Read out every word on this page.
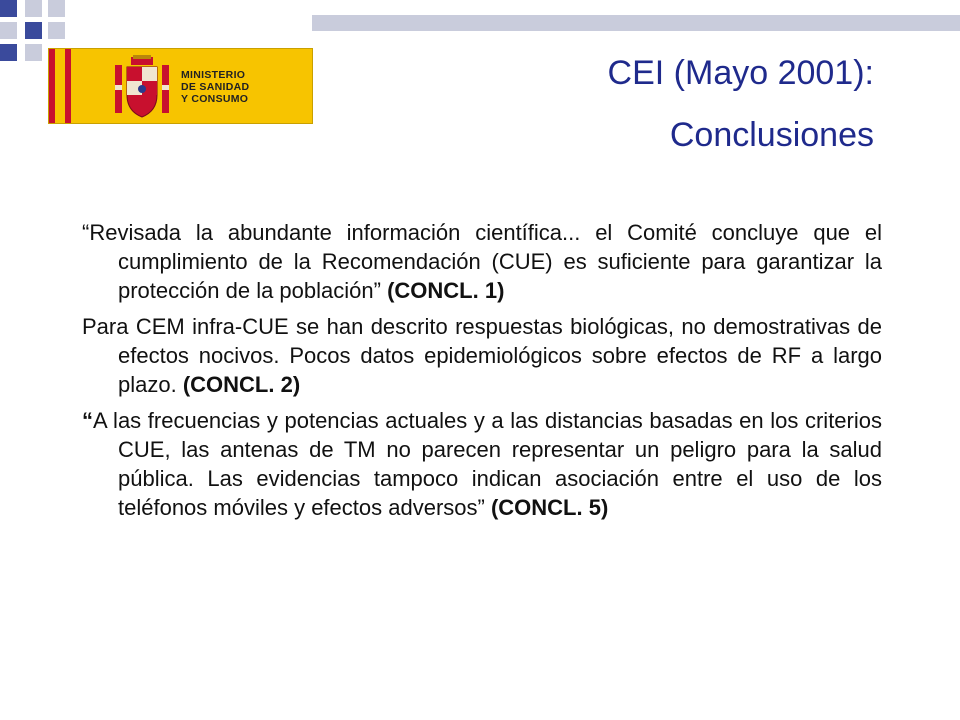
MINISTERIO
DE SANIDAD
Y CONSUMO
CEI (Mayo 2001):
Conclusiones

“Revisada la abundante información científica... el Comité concluye que el cumplimiento de la Recomendación (CUE) es suficiente para garantizar la protección de la población” (CONCL. 1)

Para CEM infra-CUE se han descrito respuestas biológicas, no demostrativas de efectos nocivos. Pocos datos epidemiológicos sobre efectos de RF a largo plazo. (CONCL. 2)

“A las frecuencias y potencias actuales y a las distancias basadas en los criterios CUE, las antenas de TM no parecen representar un peligro para la salud pública. Las evidencias tampoco indican asociación entre el uso de los teléfonos móviles y efectos adversos” (CONCL. 5)
